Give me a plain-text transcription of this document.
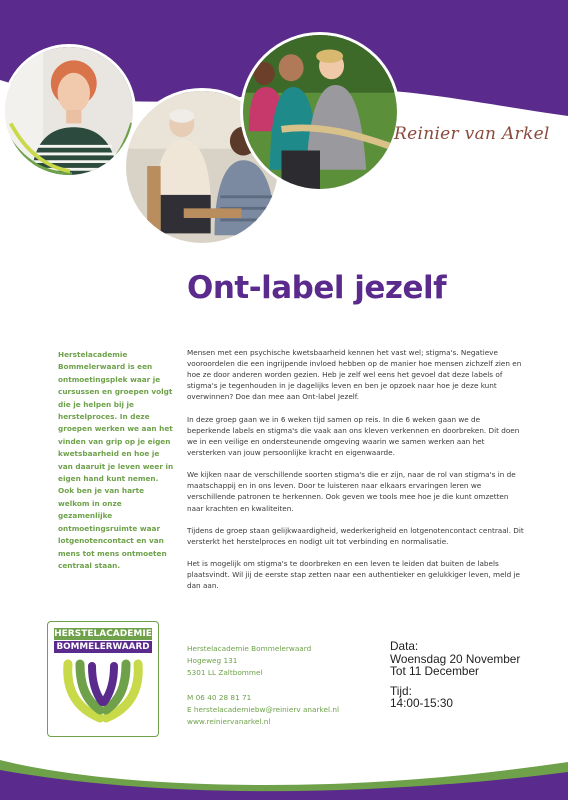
Reinier van Arkel
Ont-label jezelf

Herstelacademie Bommelerwaard is een ontmoetingsplek waar je cursussen en groepen volgt die je helpen bij je herstelproces. In deze groepen werken we aan het vinden van grip op je eigen kwetsbaarheid en hoe je van daaruit je leven weer in eigen hand kunt nemen. Ook ben je van harte welkom in onze gezamenlijke ontmoetingsruimte waar lotgenotencontact en van mens tot mens ontmoeten centraal staan.

Mensen met een psychische kwetsbaarheid kennen het vast wel; stigma's. Negatieve vooroordelen die een ingrijpende invloed hebben op de manier hoe mensen zichzelf zien en hoe ze door anderen worden gezien. Heb je zelf wel eens het gevoel dat deze labels of stigma's je tegenhouden in je dagelijks leven en ben je opzoek naar hoe je deze kunt overwinnen? Doe dan mee aan Ont-label Jezelf.

In deze groep gaan we in 6 weken tijd samen op reis. In die 6 weken gaan we de beperkende labels en stigma's die vaak aan ons kleven verkennen en doorbreken. Dit doen we in een veilige en ondersteunende omgeving waarin we samen werken aan het versterken van jouw persoonlijke kracht en eigenwaarde.

We kijken naar de verschillende soorten stigma's die er zijn, naar de rol van stigma's in de maatschappij en in ons leven. Door te luisteren naar elkaars ervaringen leren we verschillende patronen te herkennen. Ook geven we tools mee hoe je die kunt omzetten naar krachten en kwaliteiten.

Tijdens de groep staan gelijkwaardigheid, wederkerigheid en lotgenotencontact centraal. Dit versterkt het herstelproces en nodigt uit tot verbinding en normalisatie.

Het is mogelijk om stigma's te doorbreken en een leven te leiden dat buiten de labels plaatsvindt. Wil jij de eerste stap zetten naar een authentieker en gelukkiger leven, meld je dan aan.

HERSTELACADEMIE
BOMMELERWAARD	Herstelacademie Bommelerwaard
Hogeweg 131
5301 LL Zaltbommel
M 06 40 28 81 71
E herstelacademiebw@reinierv anarkel.nl
www.reiniervanarkel.nl
Data:
Woensdag 20 November
Tot 11 December
Tijd:
14:00-15:30
